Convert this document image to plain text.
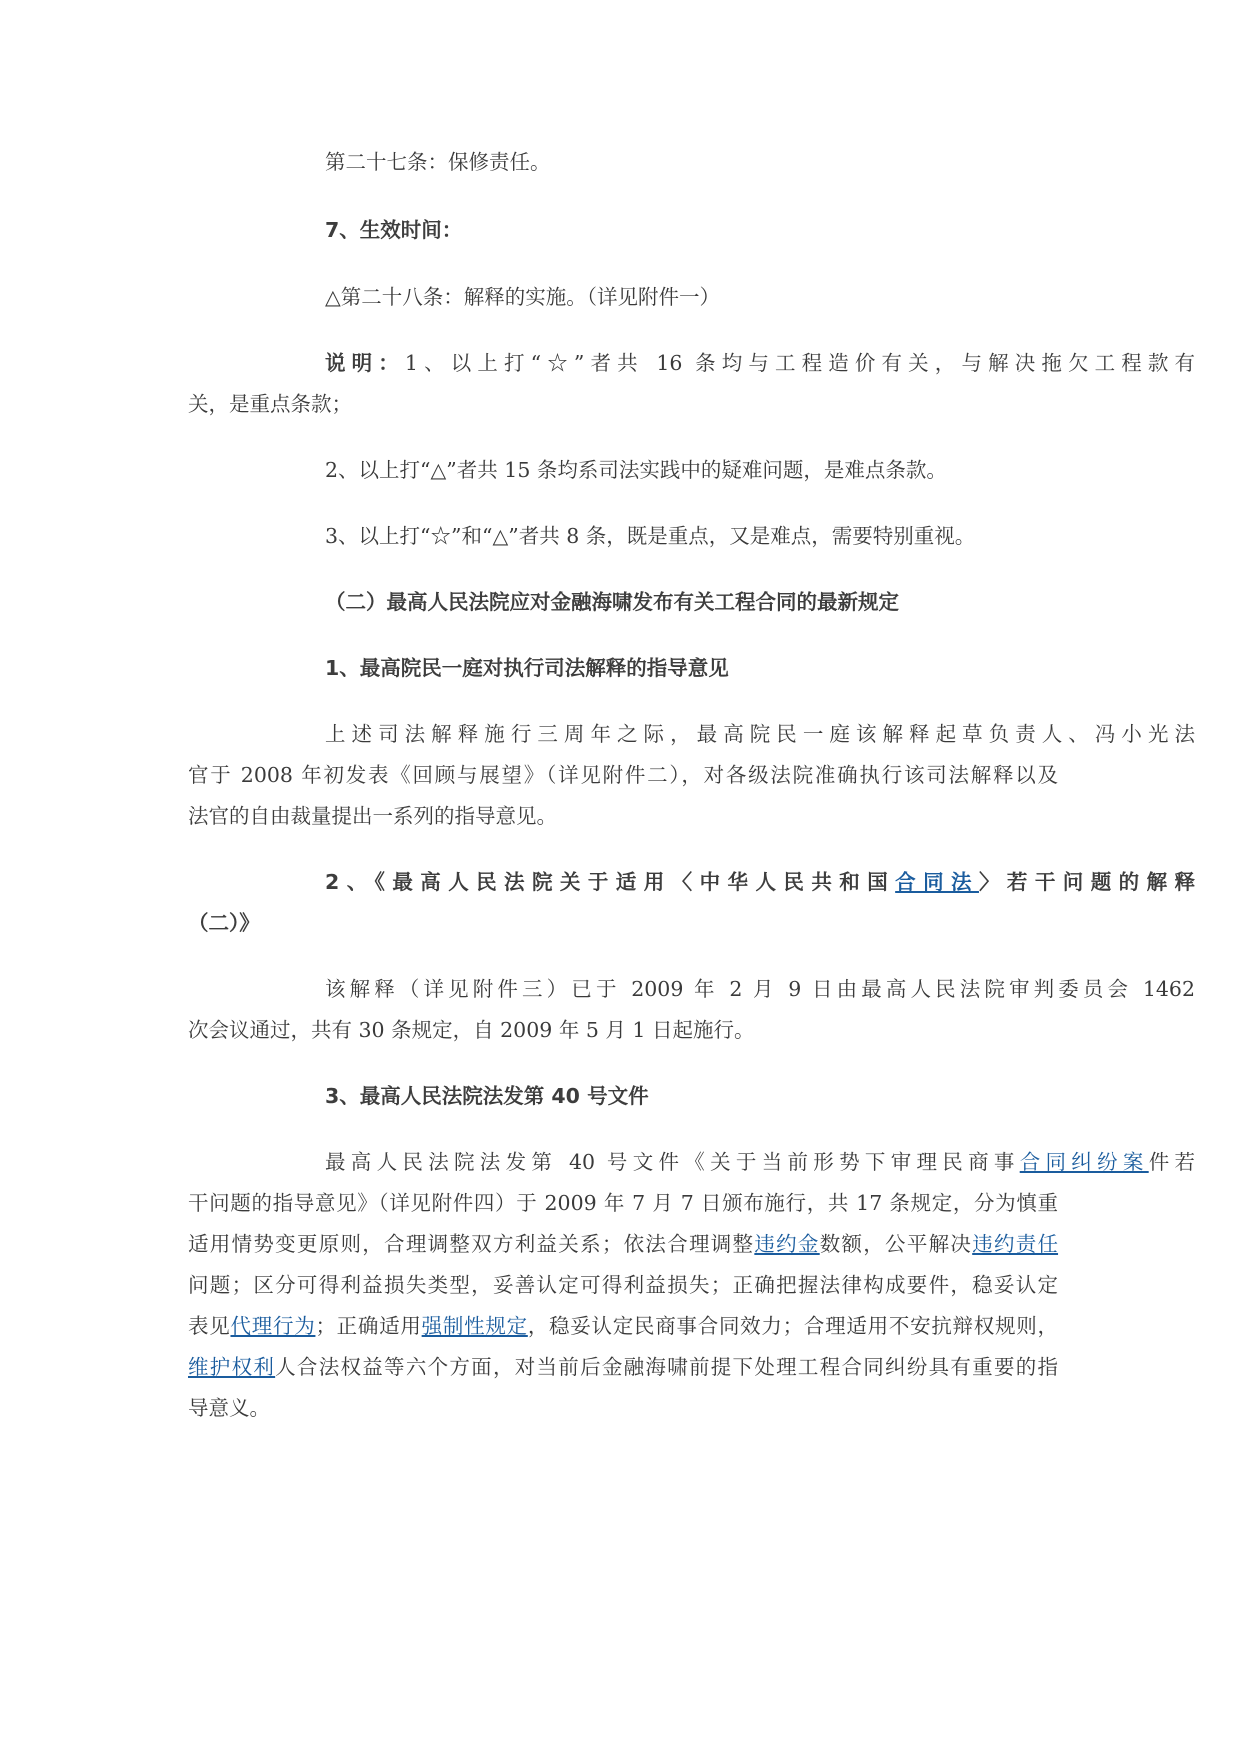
第二十七条：保修责任。
7、生效时间：
△第二十八条：解释的实施。（详见附件一）
说明：1、以上打“☆”者共 16 条均与工程造价有关，与解决拖欠工程款有
关，是重点条款；
2、以上打“△”者共 15 条均系司法实践中的疑难问题，是难点条款。
3、以上打“☆”和“△”者共 8 条，既是重点，又是难点，需要特别重视。
（二）最高人民法院应对金融海啸发布有关工程合同的最新规定
1、最高院民一庭对执行司法解释的指导意见
上述司法解释施行三周年之际，最高院民一庭该解释起草负责人、冯小光法
官于 2008 年初发表《回顾与展望》（详见附件二），对各级法院准确执行该司法解释以及
法官的自由裁量提出一系列的指导意见。
2、《最高人民法院关于适用〈中华人民共和国合同法〉若干问题的解释
（二）》
该解释（详见附件三）已于 2009 年 2 月 9 日由最高人民法院审判委员会 1462
次会议通过，共有 30 条规定，自 2009 年 5 月 1 日起施行。
3、最高人民法院法发第 40 号文件
最高人民法院法发第 40 号文件《关于当前形势下审理民商事合同纠纷案件若
干问题的指导意见》（详见附件四）于 2009 年 7 月 7 日颁布施行，共 17 条规定，分为慎重
适用情势变更原则，合理调整双方利益关系；依法合理调整违约金数额，公平解决违约责任
问题；区分可得利益损失类型，妥善认定可得利益损失；正确把握法律构成要件，稳妥认定
表见代理行为；正确适用强制性规定，稳妥认定民商事合同效力；合理适用不安抗辩权规则，
维护权利人合法权益等六个方面，对当前后金融海啸前提下处理工程合同纠纷具有重要的指
导意义。
